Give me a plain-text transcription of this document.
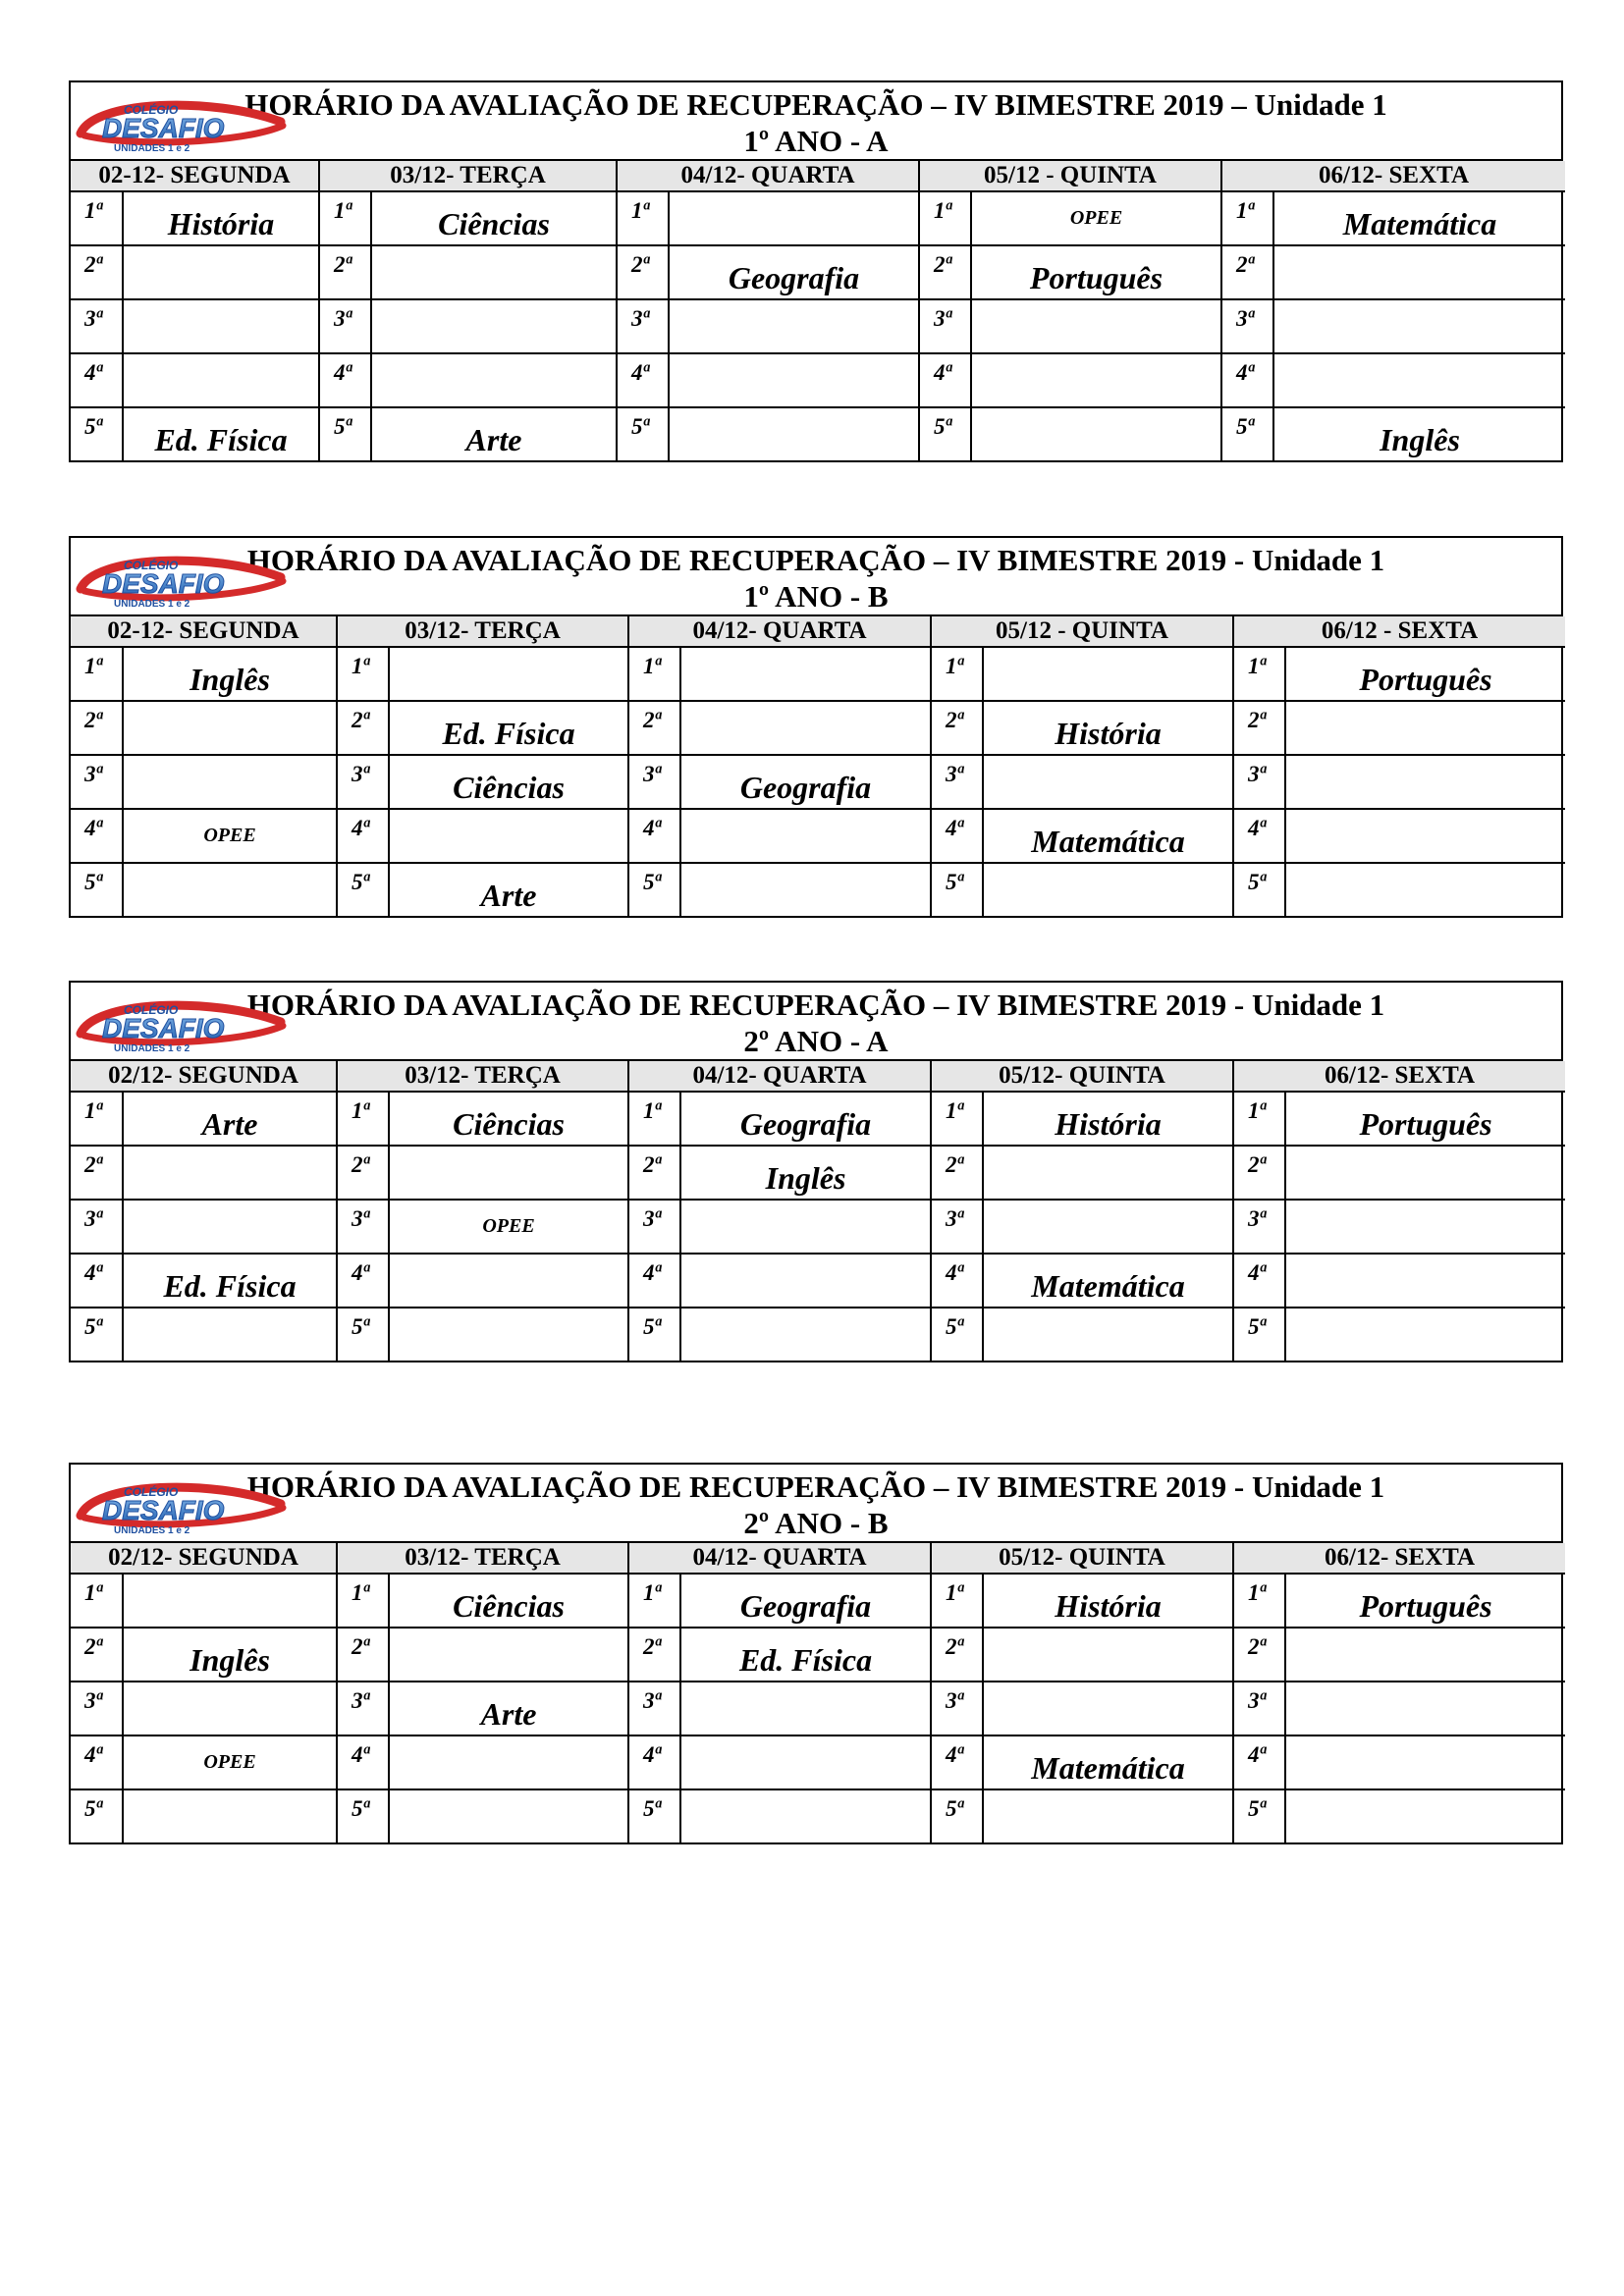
COLÉGIO
DESAFIO
UNIDADES 1 e 2
HORÁRIO DA AVALIAÇÃO DE RECUPERAÇÃO – IV BIMESTRE 2019 – Unidade 1
1º ANO - A
02-12- SEGUNDA		03/12- TERÇA		04/12- QUARTA		05/12 - QUINTA		06/12- SEXTA	
1ª	História	1ª	Ciências	1ª		1ª	OPEE	1ª	Matemática
2ª		2ª		2ª	Geografia	2ª	Português	2ª	
3ª		3ª		3ª		3ª		3ª	
4ª		4ª		4ª		4ª		4ª	
5ª	Ed. Física	5ª	Arte	5ª		5ª		5ª	Inglês
COLÉGIO
DESAFIO
UNIDADES 1 e 2
HORÁRIO DA AVALIAÇÃO DE RECUPERAÇÃO – IV BIMESTRE 2019 - Unidade 1
1º ANO - B
02-12- SEGUNDA		03/12- TERÇA		04/12- QUARTA		05/12 - QUINTA		06/12 - SEXTA	
1ª	Inglês	1ª		1ª		1ª		1ª	Português
2ª		2ª	Ed. Física	2ª		2ª	História	2ª	
3ª		3ª	Ciências	3ª	Geografia	3ª		3ª	
4ª	OPEE	4ª		4ª		4ª	Matemática	4ª	
5ª		5ª	Arte	5ª		5ª		5ª	
COLÉGIO
DESAFIO
UNIDADES 1 e 2
HORÁRIO DA AVALIAÇÃO DE RECUPERAÇÃO – IV BIMESTRE 2019 - Unidade 1
2º ANO - A
02/12- SEGUNDA		03/12- TERÇA		04/12- QUARTA		05/12- QUINTA		06/12- SEXTA	
1ª	Arte	1ª	Ciências	1ª	Geografia	1ª	História	1ª	Português
2ª		2ª		2ª	Inglês	2ª		2ª	
3ª		3ª	OPEE	3ª		3ª		3ª	
4ª	Ed. Física	4ª		4ª		4ª	Matemática	4ª	
5ª		5ª		5ª		5ª		5ª	
COLÉGIO
DESAFIO
UNIDADES 1 e 2
HORÁRIO DA AVALIAÇÃO DE RECUPERAÇÃO – IV BIMESTRE 2019 - Unidade 1
2º ANO - B
02/12- SEGUNDA		03/12- TERÇA		04/12- QUARTA		05/12- QUINTA		06/12- SEXTA	
1ª		1ª	Ciências	1ª	Geografia	1ª	História	1ª	Português
2ª	Inglês	2ª		2ª	Ed. Física	2ª		2ª	
3ª		3ª	Arte	3ª		3ª		3ª	
4ª	OPEE	4ª		4ª		4ª	Matemática	4ª	
5ª		5ª		5ª		5ª		5ª	
